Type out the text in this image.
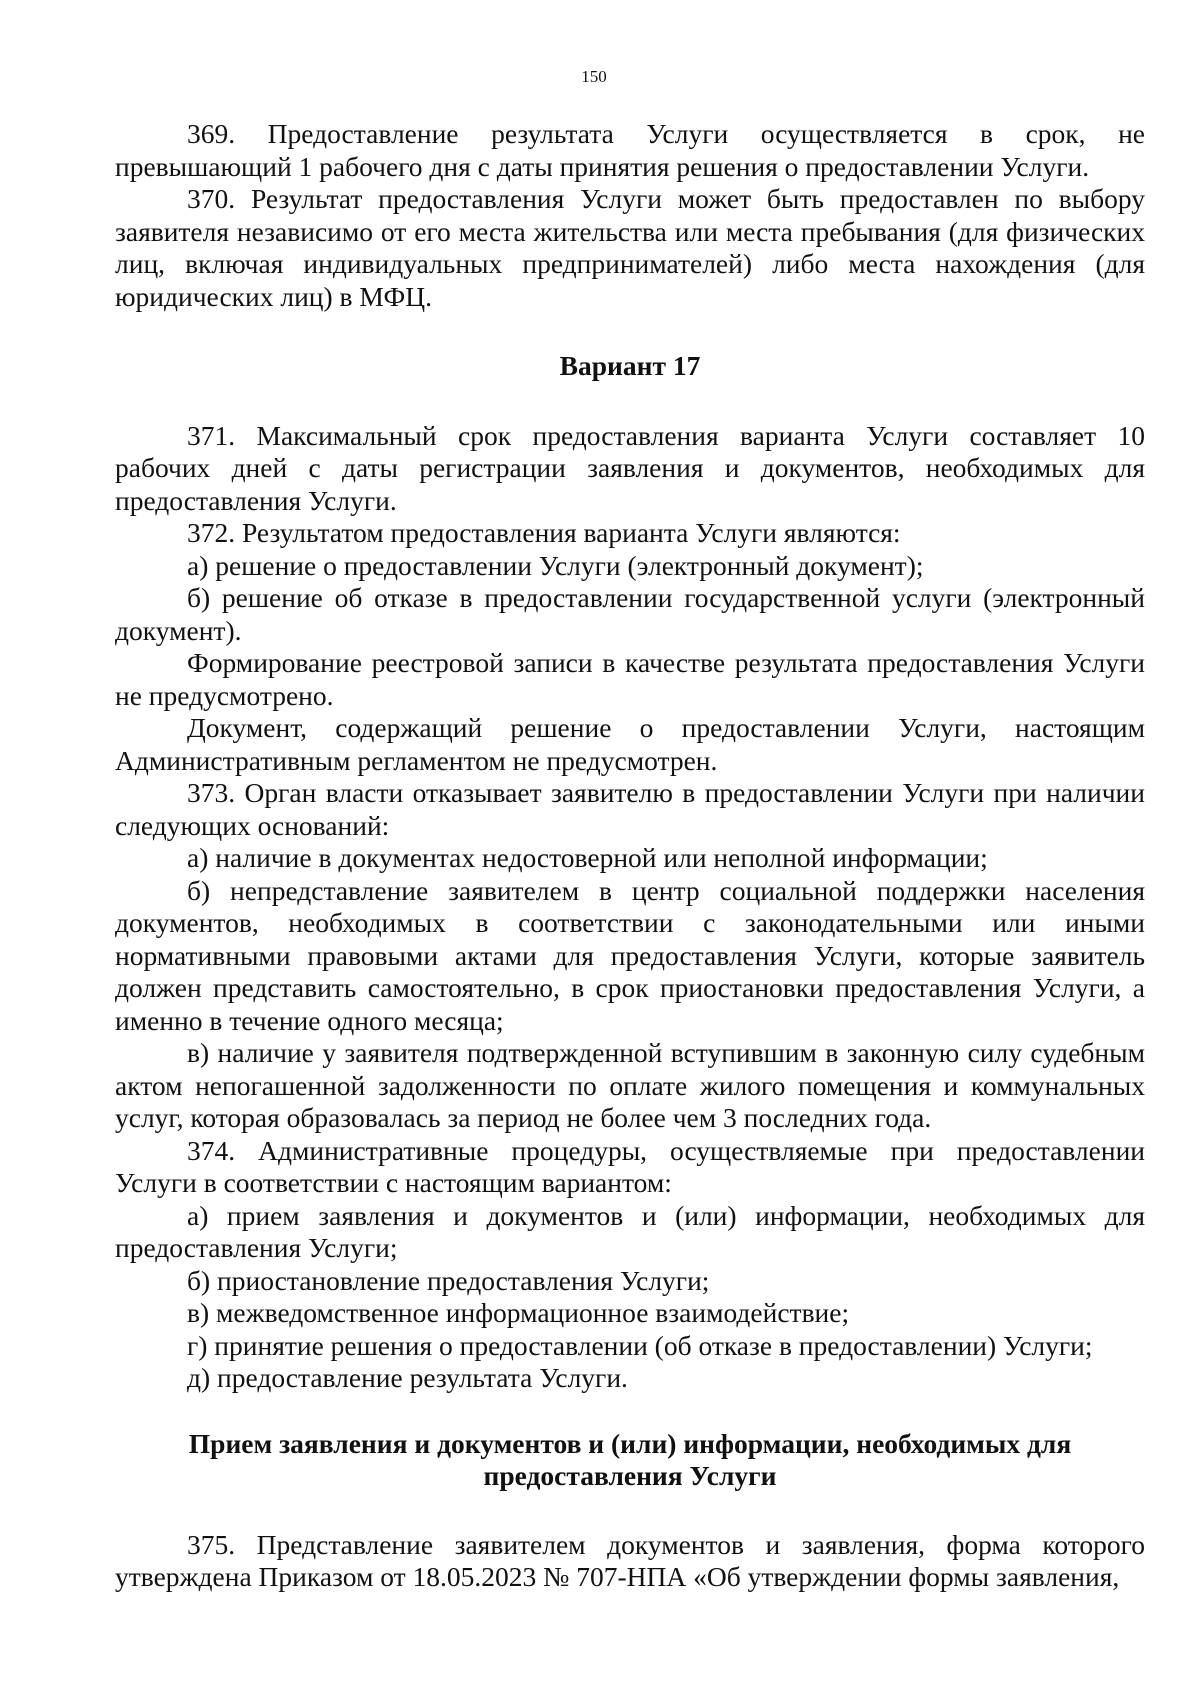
150

369. Предоставление результата Услуги осуществляется в срок, не превышающий 1 рабочего дня с даты принятия решения о предоставлении Услуги.

370. Результат предоставления Услуги может быть предоставлен по выбору заявителя независимо от его места жительства или места пребывания (для физических лиц, включая индивидуальных предпринимателей) либо места нахождения (для юридических лиц) в МФЦ.

Вариант 17

371. Максимальный срок предоставления варианта Услуги составляет 10 рабочих дней с даты регистрации заявления и документов, необходимых для предоставления Услуги.

372. Результатом предоставления варианта Услуги являются:

а) решение о предоставлении Услуги (электронный документ);

б) решение об отказе в предоставлении государственной услуги (электронный документ).

Формирование реестровой записи в качестве результата предоставления Услуги не предусмотрено.

Документ, содержащий решение о предоставлении Услуги, настоящим Административным регламентом не предусмотрен.

373. Орган власти отказывает заявителю в предоставлении Услуги при наличии следующих оснований:

а) наличие в документах недостоверной или неполной информации;

б) непредставление заявителем в центр социальной поддержки населения документов, необходимых в соответствии с законодательными или иными нормативными правовыми актами для предоставления Услуги, которые заявитель должен представить самостоятельно, в срок приостановки предоставления Услуги, а именно в течение одного месяца;

в) наличие у заявителя подтвержденной вступившим в законную силу судебным актом непогашенной задолженности по оплате жилого помещения и коммунальных услуг, которая образовалась за период не более чем 3 последних года.

374. Административные процедуры, осуществляемые при предоставлении Услуги в соответствии с настоящим вариантом:

а) прием заявления и документов и (или) информации, необходимых для предоставления Услуги;

б) приостановление предоставления Услуги;

в) межведомственное информационное взаимодействие;

г) принятие решения о предоставлении (об отказе в предоставлении) Услуги;

д) предоставление результата Услуги.

Прием заявления и документов и (или) информации, необходимых для предоставления Услуги

375. Представление заявителем документов и заявления, форма которого утверждена Приказом от 18.05.2023 № 707-НПА «Об утверждении формы заявления,
